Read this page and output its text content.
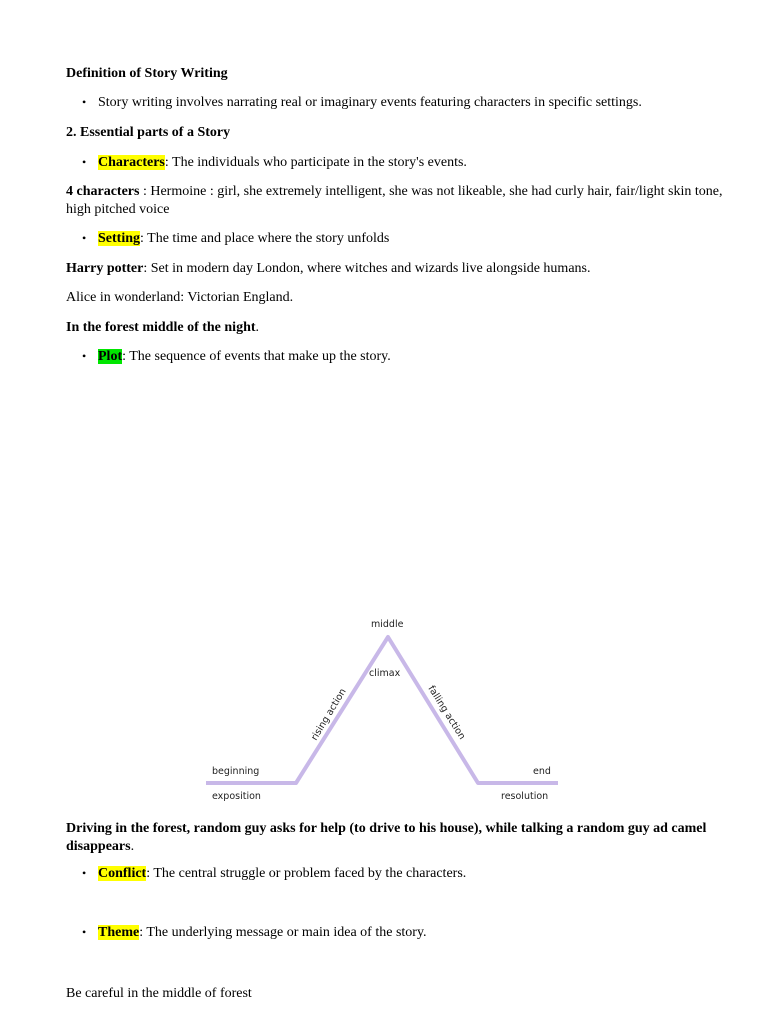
Definition of Story Writing

• Story writing involves narrating real or imaginary events featuring characters in specific settings.

2. Essential parts of a Story

• Characters: The individuals who participate in the story's events.

4 characters : Hermoine : girl, she extremely intelligent, she was not likeable, she had curly hair, fair/light skin tone, high pitched voice

• Setting: The time and place where the story unfolds

Harry potter: Set in modern day London, where witches and wizards live alongside humans.

Alice in wonderland: Victorian England.

In the forest middle of the night.

• Plot: The sequence of events that make up the story.
middle
climax
rising action	falling action
beginning
exposition
end
resolution

Driving in the forest, random guy asks for help (to drive to his house), while talking a random guy ad camel disappears.

• Conflict: The central struggle or problem faced by the characters.
• Theme: The underlying message or main idea of the story.

Be careful in the middle of forest
